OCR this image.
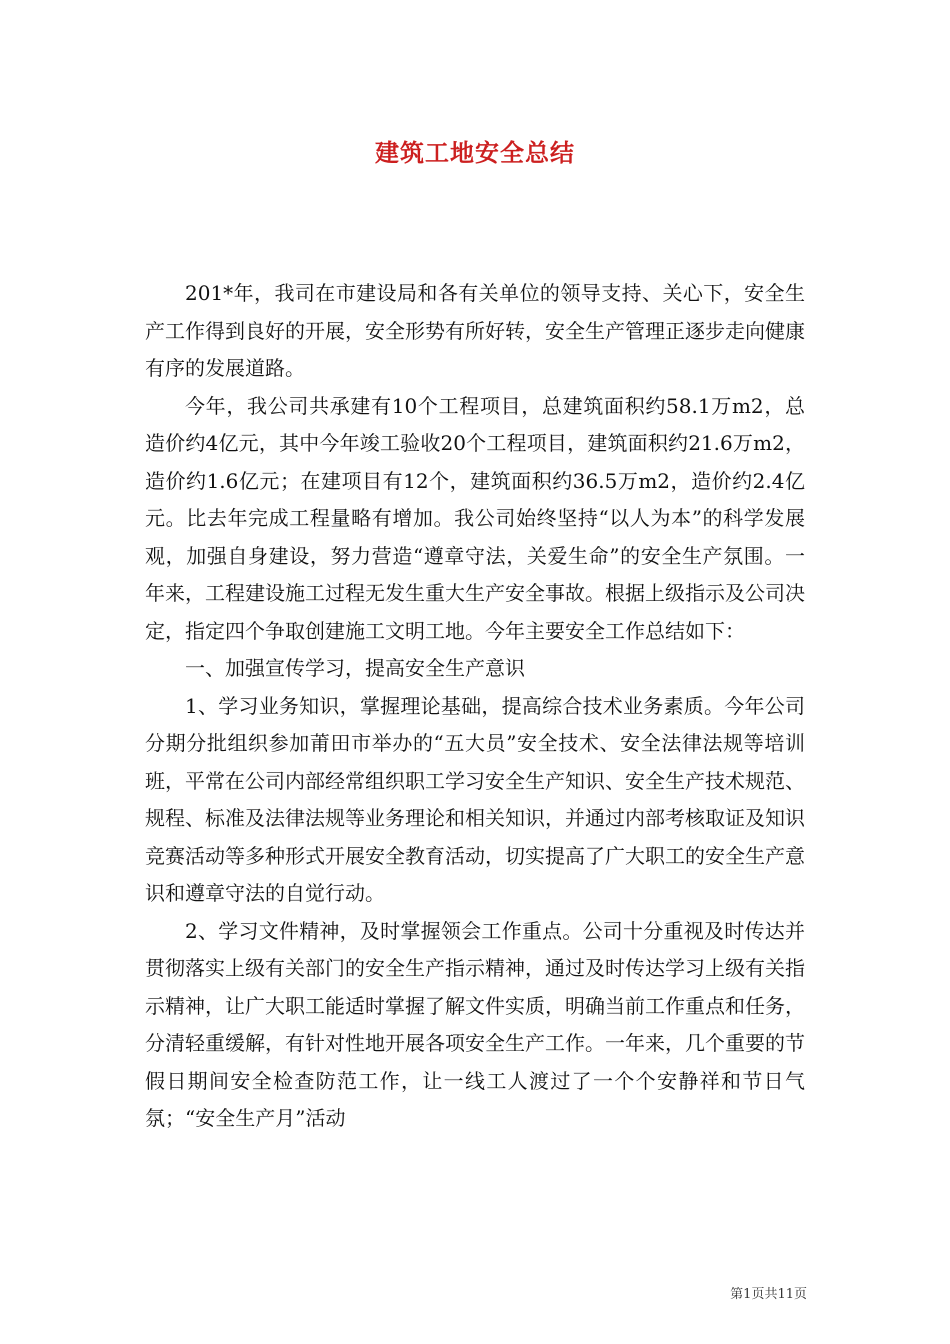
建筑工地安全总结

201*年，我司在市建设局和各有关单位的领导支持、关心下，安全生产工作得到良好的开展，安全形势有所好转，安全生产管理正逐步走向健康有序的发展道路。

今年，我公司共承建有10个工程项目，总建筑面积约58.1万m2，总造价约4亿元，其中今年竣工验收20个工程项目，建筑面积约21.6万m2，造价约1.6亿元；在建项目有12个，建筑面积约36.5万m2，造价约2.4亿元。比去年完成工程量略有增加。我公司始终坚持“以人为本”的科学发展观，加强自身建设，努力营造“遵章守法，关爱生命”的安全生产氛围。一年来，工程建设施工过程无发生重大生产安全事故。根据上级指示及公司决定，指定四个争取创建施工文明工地。今年主要安全工作总结如下：

一、加强宣传学习，提高安全生产意识

1、学习业务知识，掌握理论基础，提高综合技术业务素质。今年公司分期分批组织参加莆田市举办的“五大员”安全技术、安全法律法规等培训班，平常在公司内部经常组织职工学习安全生产知识、安全生产技术规范、规程、标准及法律法规等业务理论和相关知识，并通过内部考核取证及知识竞赛活动等多种形式开展安全教育活动，切实提高了广大职工的安全生产意识和遵章守法的自觉行动。

2、学习文件精神，及时掌握领会工作重点。公司十分重视及时传达并贯彻落实上级有关部门的安全生产指示精神，通过及时传达学习上级有关指示精神，让广大职工能适时掌握了解文件实质，明确当前工作重点和任务，分清轻重缓解，有针对性地开展各项安全生产工作。一年来，几个重要的节假日期间安全检查防范工作，让一线工人渡过了一个个安静祥和节日气氛；“安全生产月”活动

第1页共11页
